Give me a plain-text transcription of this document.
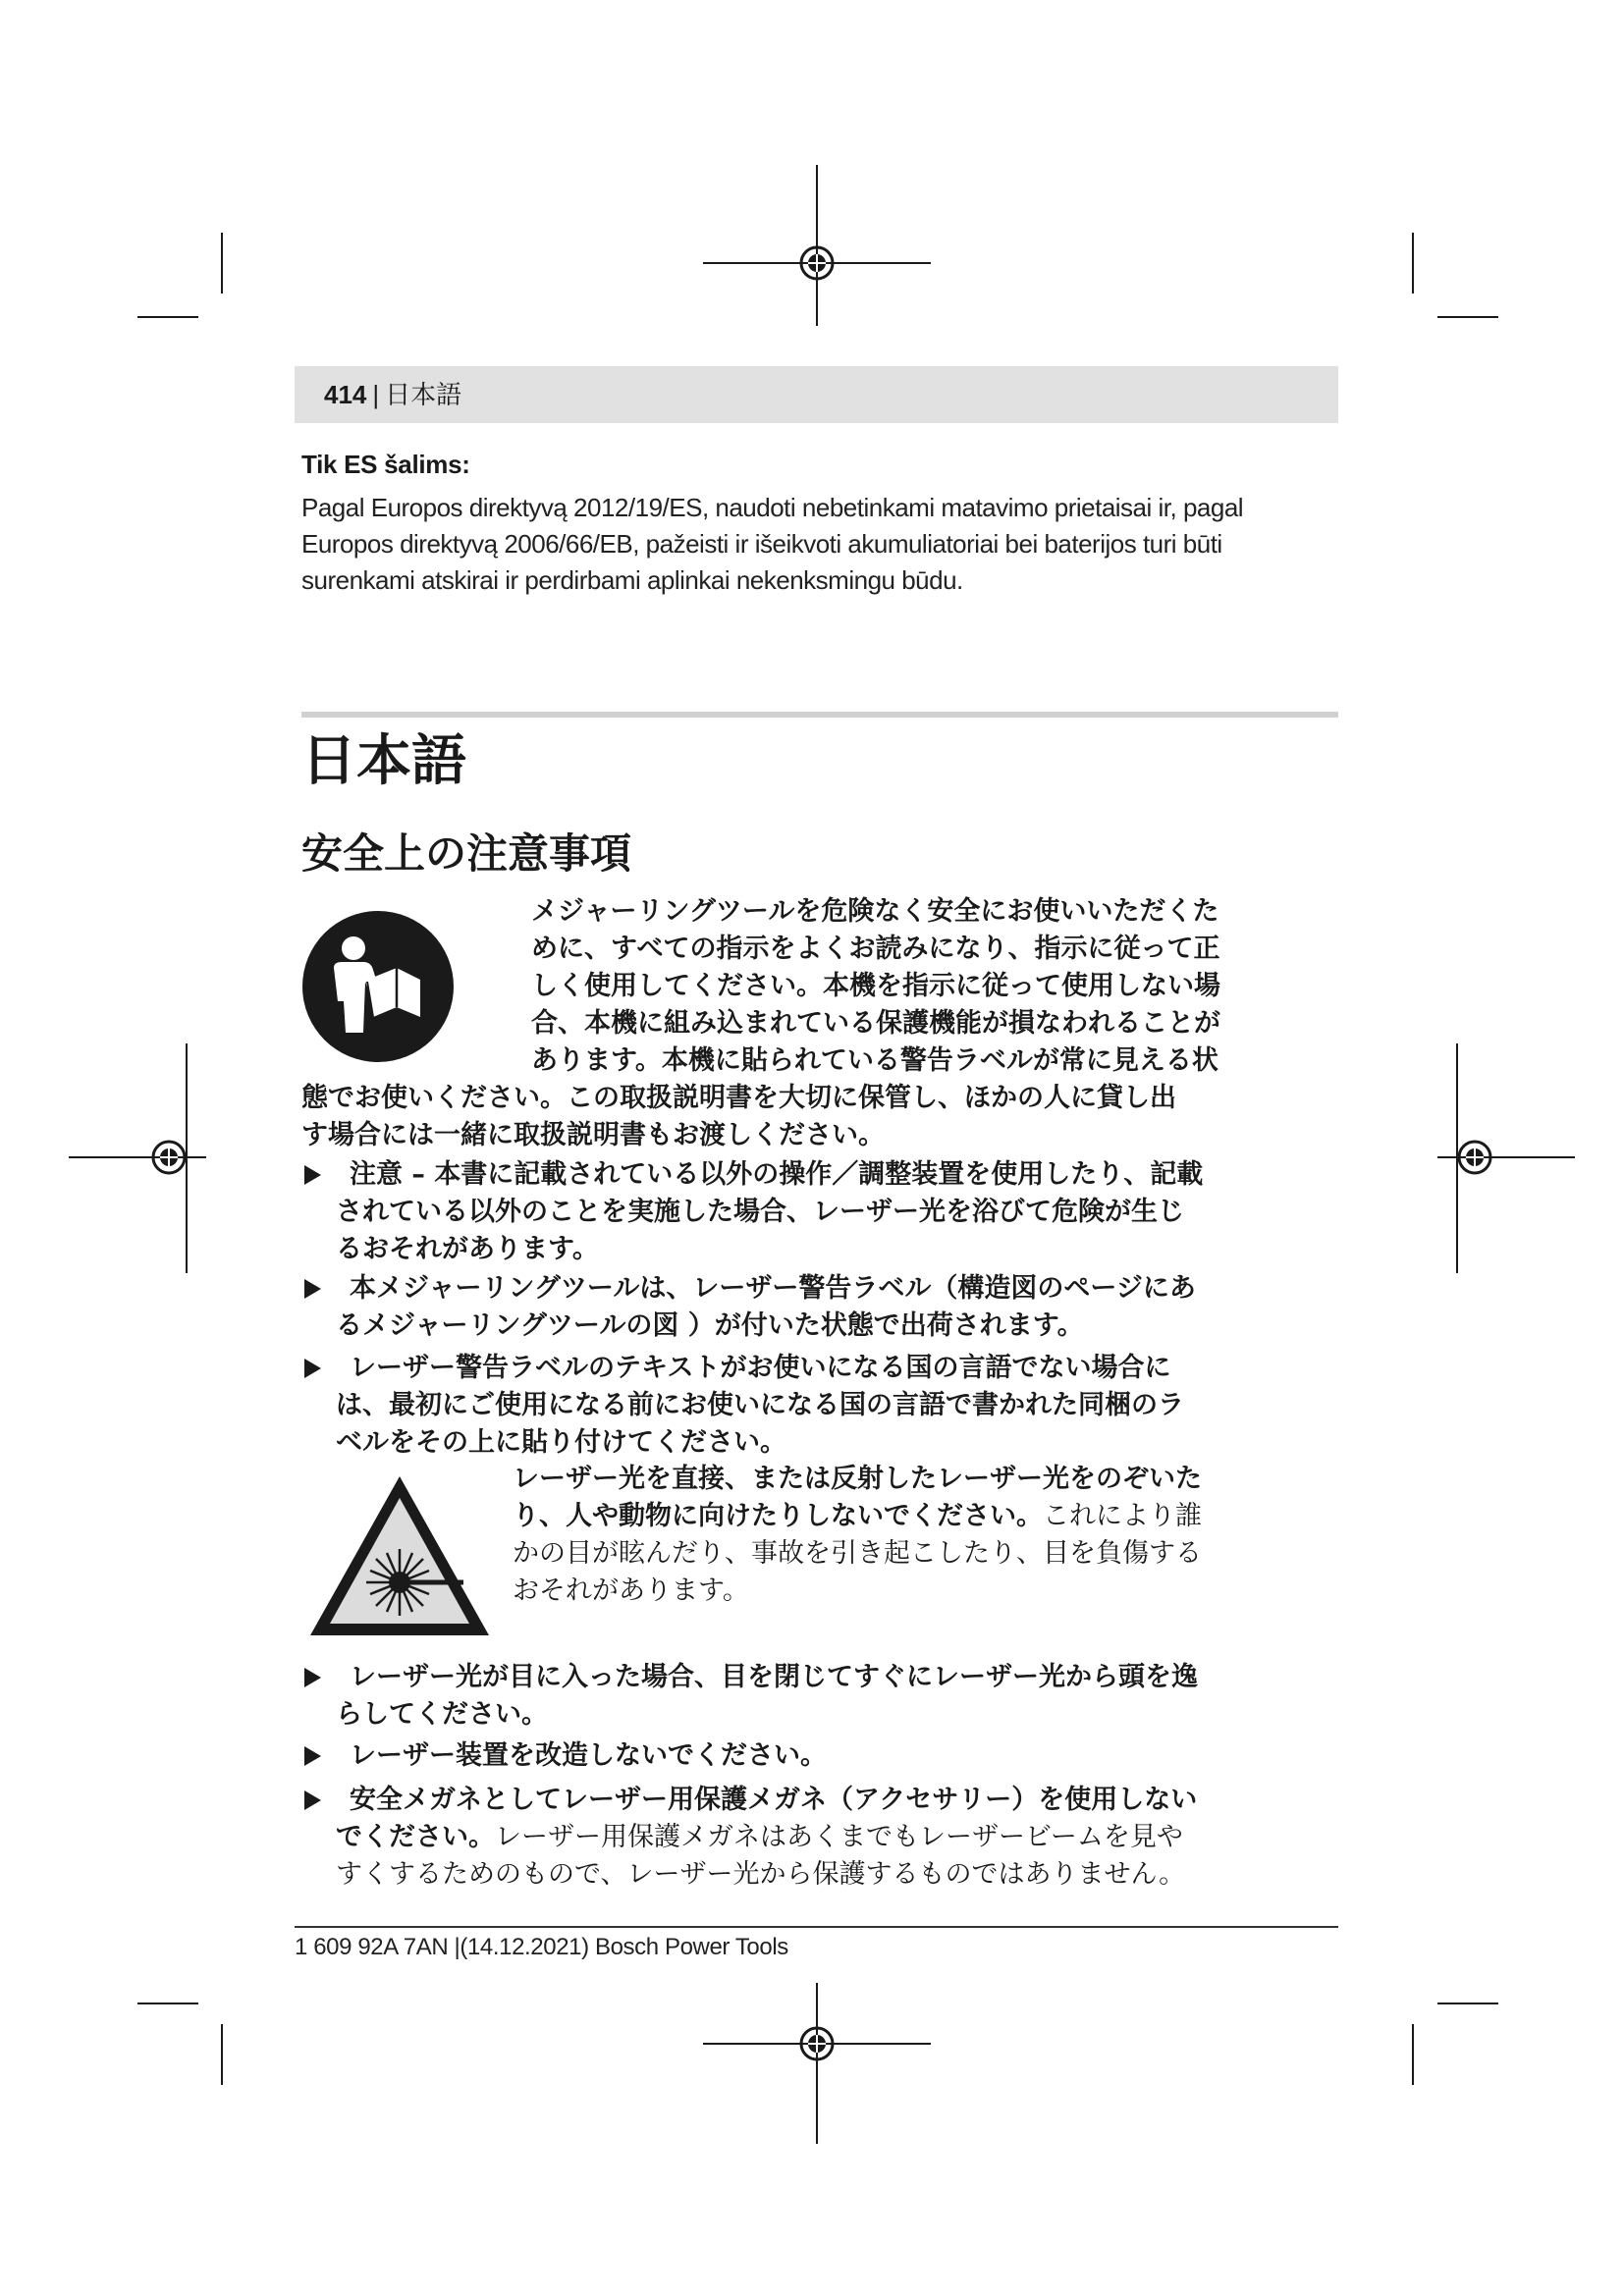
414 | 日本語
Tik ES šalims:
Pagal Europos direktyvą 2012/19/ES, naudoti nebetinkami matavimo prietaisai ir, pagal
Europos direktyvą 2006/66/EB, pažeisti ir išeikvoti akumuliatoriai bei baterijos turi būti
surenkami atskirai ir perdirbami aplinkai nekenksmingu būdu.
日本語
安全上の注意事項
メジャーリングツールを危険なく安全にお使いいただくた
めに、すべての指示をよくお読みになり、指示に従って正
しく使用してください。本機を指示に従って使用しない場
合、本機に組み込まれている保護機能が損なわれることが
あります。本機に貼られている警告ラベルが常に見える状
態でお使いください。この取扱説明書を大切に保管し、ほかの人に貸し出
す場合には一緒に取扱説明書もお渡しください。
注意 – 本書に記載されている以外の操作／調整装置を使用したり、記載
されている以外のことを実施した場合、レーザー光を浴びて危険が生じ
るおそれがあります。
本メジャーリングツールは、レーザー警告ラベル（構造図のページにあ
るメジャーリングツールの図 ）が付いた状態で出荷されます。
レーザー警告ラベルのテキストがお使いになる国の言語でない場合に
は、最初にご使用になる前にお使いになる国の言語で書かれた同梱のラ
ベルをその上に貼り付けてください。
レーザー光を直接、または反射したレーザー光をのぞいた
り、人や動物に向けたりしないでください。これにより誰
かの目が眩んだり、事故を引き起こしたり、目を負傷する
おそれがあります。
レーザー光が目に入った場合、目を閉じてすぐにレーザー光から頭を逸
らしてください。
レーザー装置を改造しないでください。
安全メガネとしてレーザー用保護メガネ（アクセサリー）を使用しない
でください。レーザー用保護メガネはあくまでもレーザービームを見や
すくするためのもので、レーザー光から保護するものではありません。
1 609 92A 7AN |(14.12.2021) Bosch Power Tools
